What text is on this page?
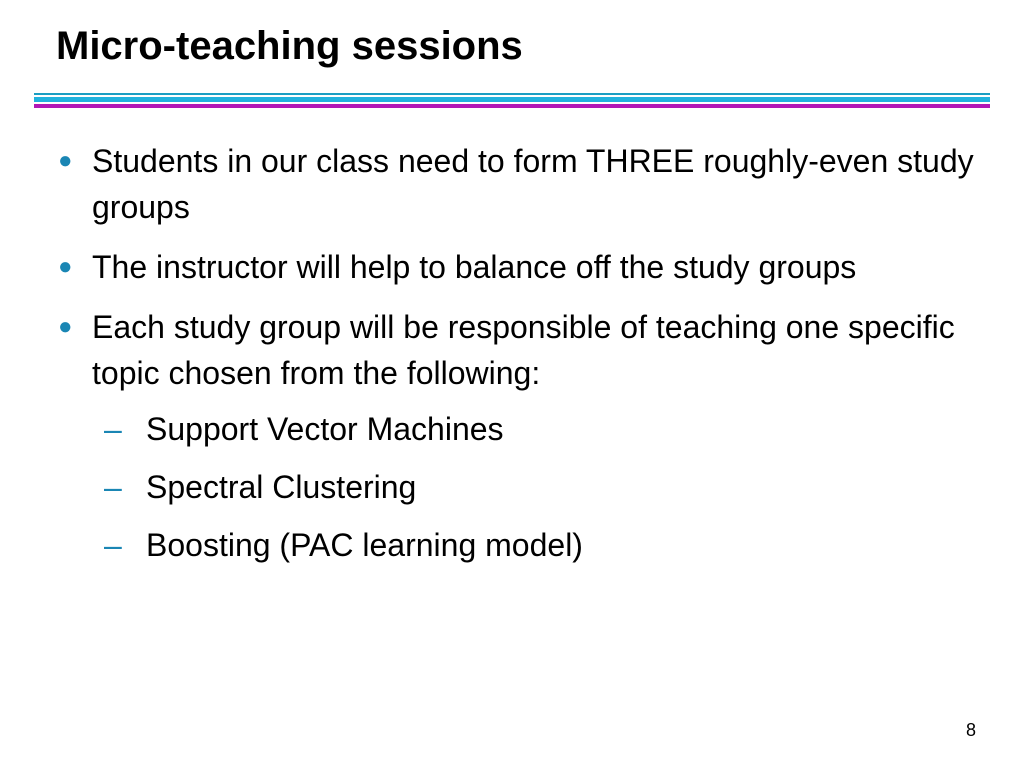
Micro-teaching sessions
● Students in our class need to form THREE roughly-even study groups
● The instructor will help to balance off the study groups
● Each study group will be responsible of teaching one specific topic chosen from the following:
– Support Vector Machines
– Spectral Clustering
– Boosting (PAC learning model)
8
